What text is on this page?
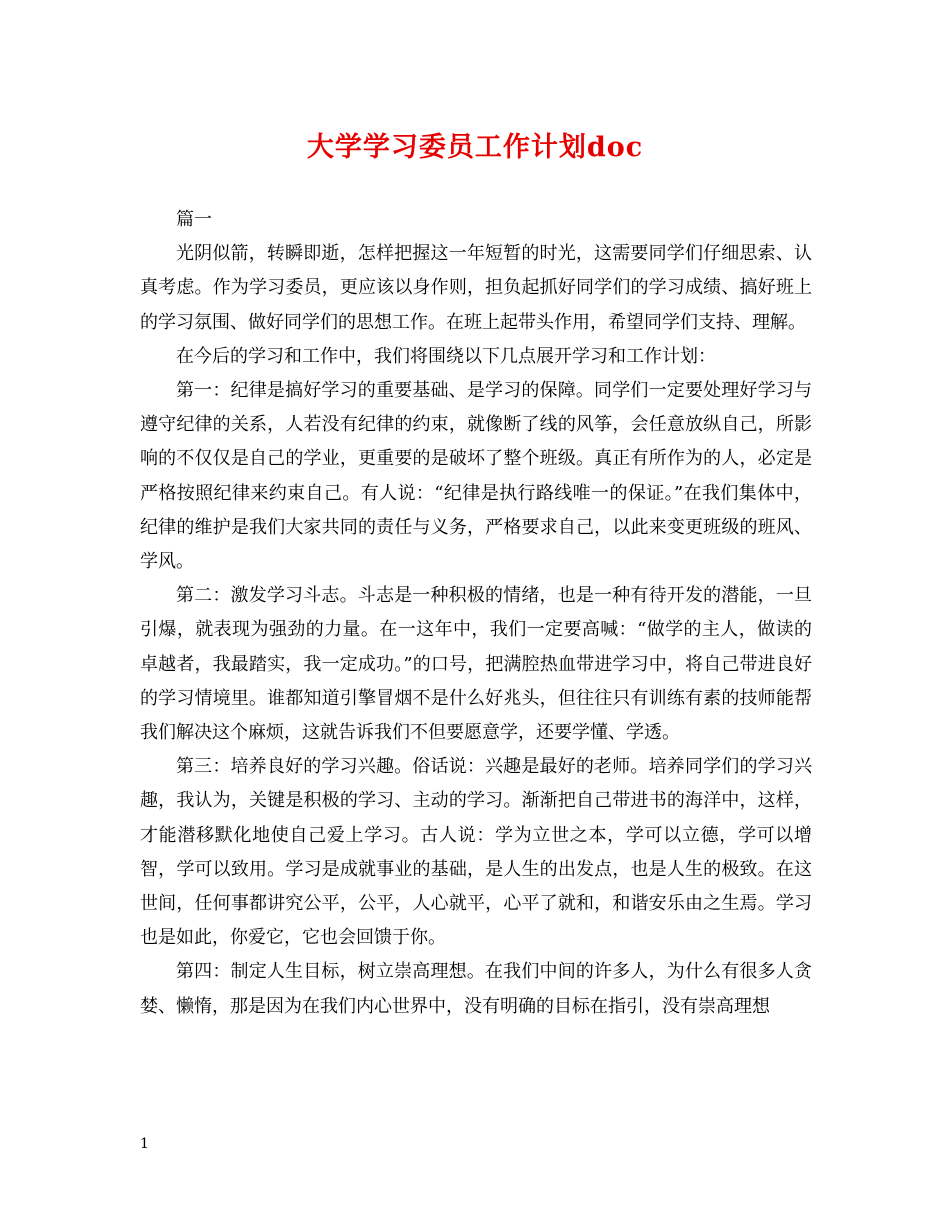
大学学习委员工作计划doc

篇一

光阴似箭，转瞬即逝，怎样把握这一年短暂的时光，这需要同学们仔细思索、认真考虑。作为学习委员，更应该以身作则，担负起抓好同学们的学习成绩、搞好班上的学习氛围、做好同学们的思想工作。在班上起带头作用，希望同学们支持、理解。

在今后的学习和工作中，我们将围绕以下几点展开学习和工作计划：

第一：纪律是搞好学习的重要基础、是学习的保障。同学们一定要处理好学习与遵守纪律的关系，人若没有纪律的约束，就像断了线的风筝，会任意放纵自己，所影响的不仅仅是自己的学业，更重要的是破坏了整个班级。真正有所作为的人，必定是严格按照纪律来约束自己。有人说：“纪律是执行路线唯一的保证。”在我们集体中，纪律的维护是我们大家共同的责任与义务，严格要求自己，以此来变更班级的班风、学风。

第二：激发学习斗志。斗志是一种积极的情绪，也是一种有待开发的潜能，一旦引爆，就表现为强劲的力量。在一这年中，我们一定要高喊：“做学的主人，做读的卓越者，我最踏实，我一定成功。”的口号，把满腔热血带进学习中，将自己带进良好的学习情境里。谁都知道引擎冒烟不是什么好兆头，但往往只有训练有素的技师能帮我们解决这个麻烦，这就告诉我们不但要愿意学，还要学懂、学透。

第三：培养良好的学习兴趣。俗话说：兴趣是最好的老师。培养同学们的学习兴趣，我认为，关键是积极的学习、主动的学习。渐渐把自己带进书的海洋中，这样，才能潜移默化地使自己爱上学习。古人说：学为立世之本，学可以立德，学可以增智，学可以致用。学习是成就事业的基础，是人生的出发点，也是人生的极致。在这世间，任何事都讲究公平，公平，人心就平，心平了就和，和谐安乐由之生焉。学习也是如此，你爱它，它也会回馈于你。

第四：制定人生目标，树立崇高理想。在我们中间的许多人，为什么有很多人贪婪、懒惰，那是因为在我们内心世界中，没有明确的目标在指引，没有崇高理想

1
